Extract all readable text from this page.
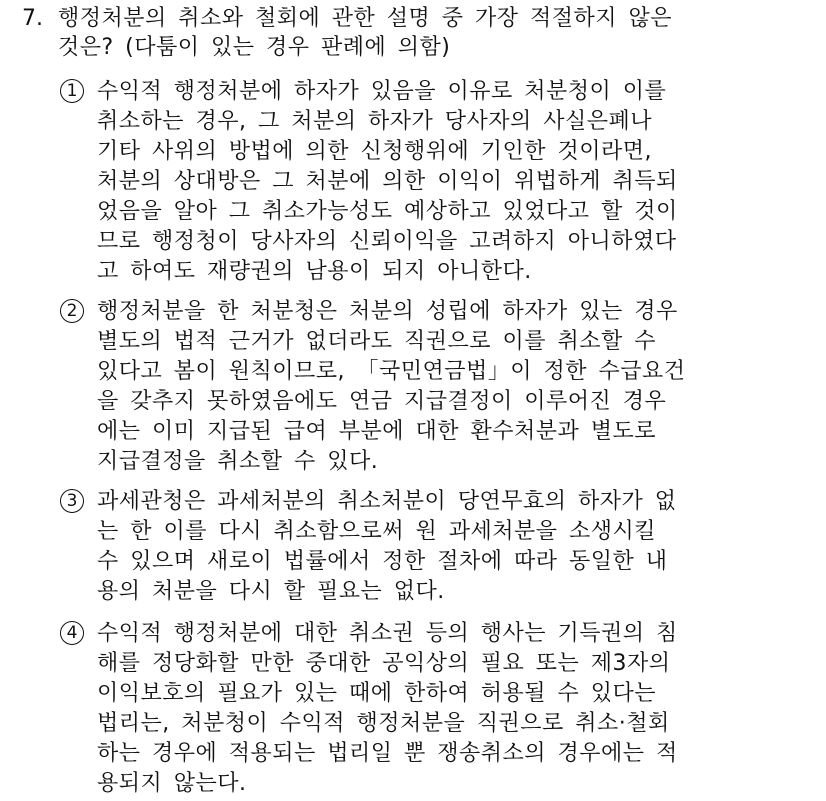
7. 행정처분의 취소와 철회에 관한 설명 중 가장 적절하지 않은
것은? (다툼이 있는 경우 판례에 의함)
1 수익적 행정처분에 하자가 있음을 이유로 처분청이 이를
취소하는 경우, 그 처분의 하자가 당사자의 사실은폐나
기타 사위의 방법에 의한 신청행위에 기인한 것이라면,
처분의 상대방은 그 처분에 의한 이익이 위법하게 취득되
었음을 알아 그 취소가능성도 예상하고 있었다고 할 것이
므로 행정청이 당사자의 신뢰이익을 고려하지 아니하였다
고 하여도 재량권의 남용이 되지 아니한다.
2 행정처분을 한 처분청은 처분의 성립에 하자가 있는 경우
별도의 법적 근거가 없더라도 직권으로 이를 취소할 수
있다고 봄이 원칙이므로, 「국민연금법」이 정한 수급요건
을 갖추지 못하였음에도 연금 지급결정이 이루어진 경우
에는 이미 지급된 급여 부분에 대한 환수처분과 별도로
지급결정을 취소할 수 있다.
3 과세관청은 과세처분의 취소처분이 당연무효의 하자가 없
는 한 이를 다시 취소함으로써 원 과세처분을 소생시킬
수 있으며 새로이 법률에서 정한 절차에 따라 동일한 내
용의 처분을 다시 할 필요는 없다.
4 수익적 행정처분에 대한 취소권 등의 행사는 기득권의 침
해를 정당화할 만한 중대한 공익상의 필요 또는 제3자의
이익보호의 필요가 있는 때에 한하여 허용될 수 있다는
법리는, 처분청이 수익적 행정처분을 직권으로 취소·철회
하는 경우에 적용되는 법리일 뿐 쟁송취소의 경우에는 적
용되지 않는다.
